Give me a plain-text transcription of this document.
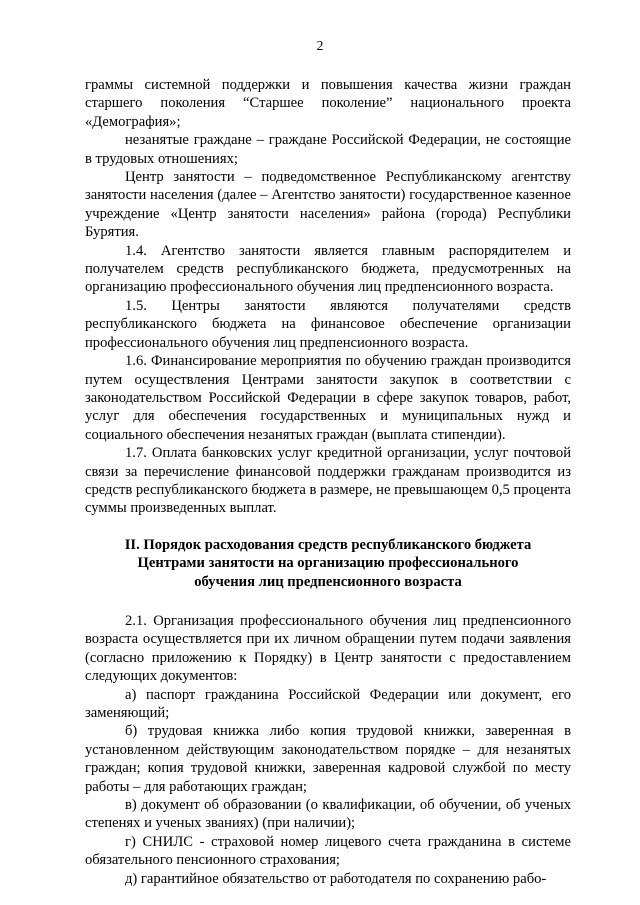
2

граммы системной поддержки и повышения качества жизни граждан старшего поколения “Старшее поколение” национального проекта «Демография»;

незанятые граждане – граждане Российской Федерации, не состоящие в трудовых отношениях;

Центр занятости – подведомственное Республиканскому агентству занятости населения (далее – Агентство занятости) государственное казенное учреждение «Центр занятости населения» района (города) Республики Бурятия.

1.4. Агентство занятости является главным распорядителем и получателем средств республиканского бюджета, предусмотренных на организацию профессионального обучения лиц предпенсионного возраста.

1.5. Центры занятости являются получателями средств республиканского бюджета на финансовое обеспечение организации профессионального обучения лиц предпенсионного возраста.

1.6. Финансирование мероприятия по обучению граждан производится путем осуществления Центрами занятости закупок в соответствии с законодательством Российской Федерации в сфере закупок товаров, работ, услуг для обеспечения государственных и муниципальных нужд и социального обеспечения незанятых граждан (выплата стипендии).

1.7. Оплата банковских услуг кредитной организации, услуг почтовой связи за перечисление финансовой поддержки гражданам производится из средств республиканского бюджета в размере, не превышающем 0,5 процента суммы произведенных выплат.

II. Порядок расходования средств республиканского бюджета
Центрами занятости на организацию профессионального
обучения лиц предпенсионного возраста

2.1. Организация профессионального обучения лиц предпенсионного возраста осуществляется при их личном обращении путем подачи заявления (согласно приложению к Порядку) в Центр занятости с предоставлением следующих документов:

а) паспорт гражданина Российской Федерации или документ, его заменяющий;

б) трудовая книжка либо копия трудовой книжки, заверенная в установленном действующим законодательством порядке – для незанятых граждан; копия трудовой книжки, заверенная кадровой службой по месту работы – для работающих граждан;

в) документ об образовании (о квалификации, об обучении, об ученых степенях и ученых званиях) (при наличии);

г) СНИЛС - страховой номер лицевого счета гражданина в системе обязательного пенсионного страхования;

д) гарантийное обязательство от работодателя по сохранению рабо-
